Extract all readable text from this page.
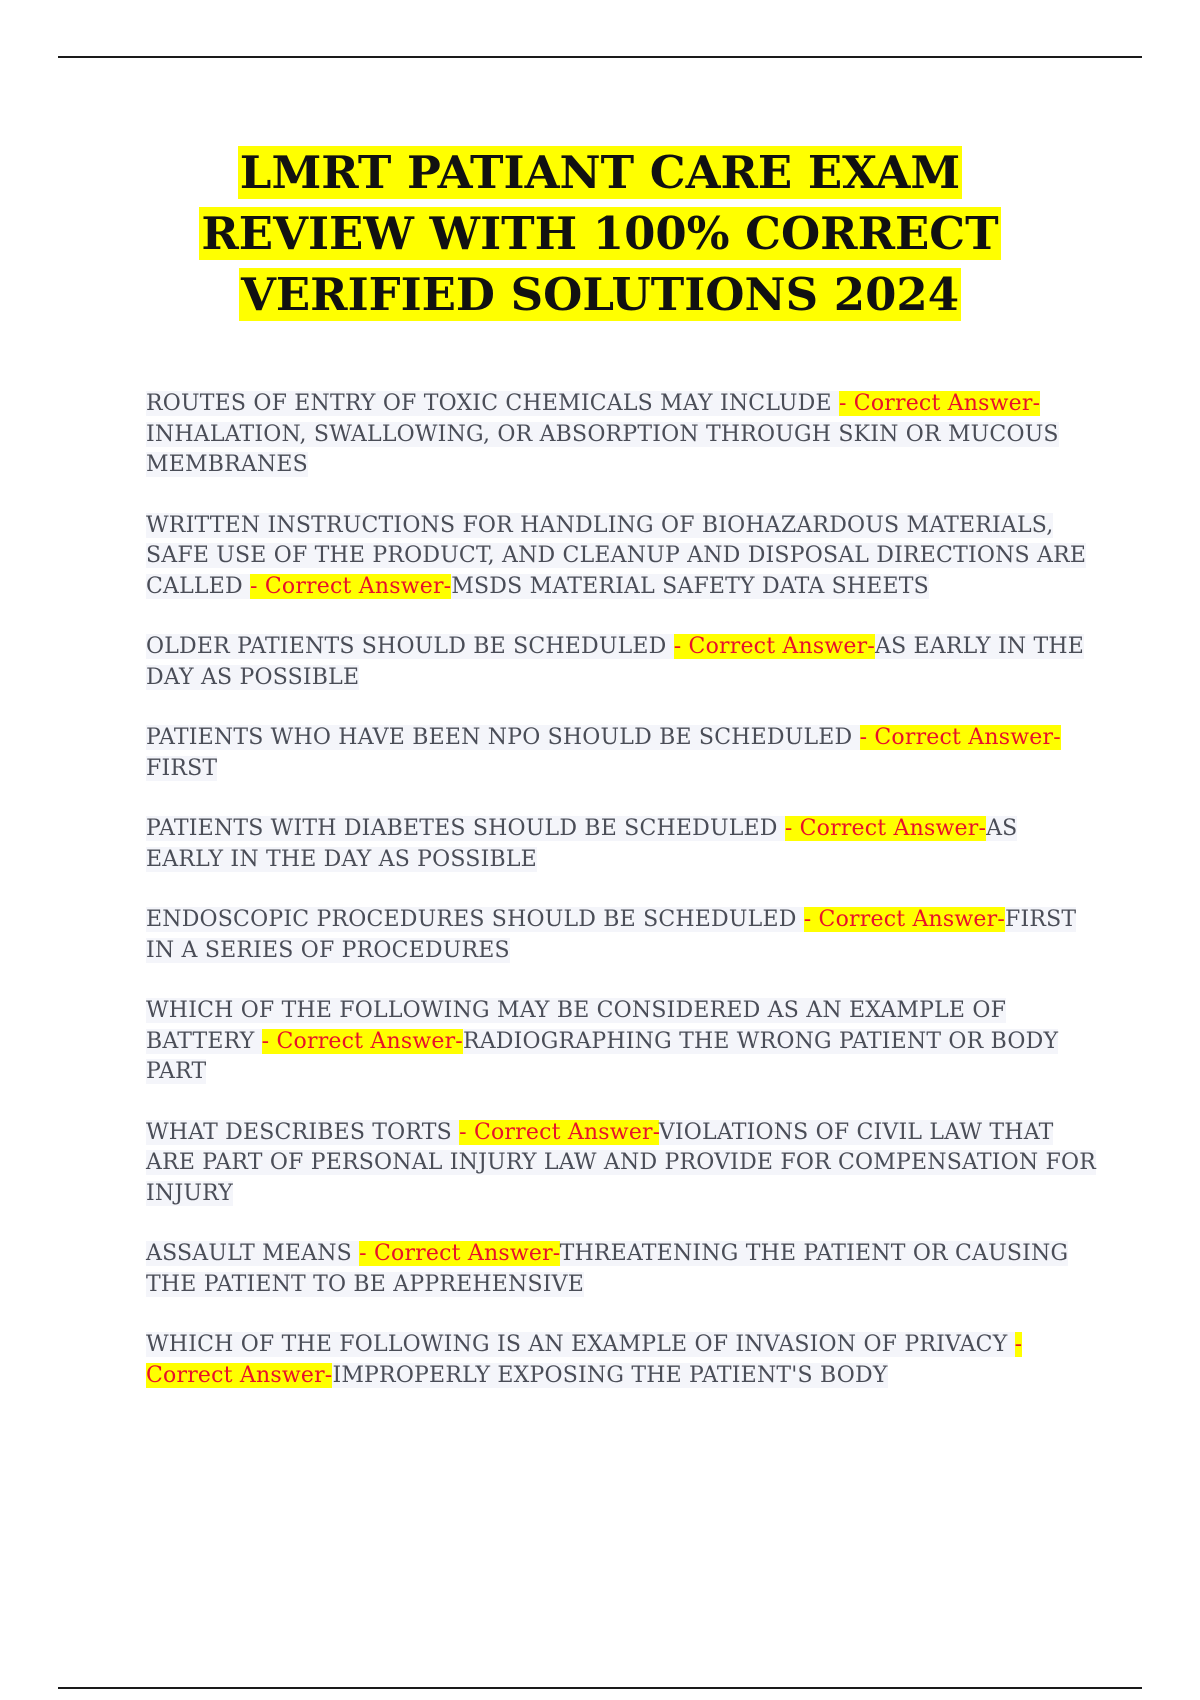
LMRT PATIANT CARE EXAM
REVIEW WITH 100% CORRECT
VERIFIED SOLUTIONS 2024

ROUTES OF ENTRY OF TOXIC CHEMICALS MAY INCLUDE - Correct Answer-INHALATION, SWALLOWING, OR ABSORPTION THROUGH SKIN OR MUCOUS MEMBRANES

WRITTEN INSTRUCTIONS FOR HANDLING OF BIOHAZARDOUS MATERIALS, SAFE USE OF THE PRODUCT, AND CLEANUP AND DISPOSAL DIRECTIONS ARE CALLED - Correct Answer-MSDS MATERIAL SAFETY DATA SHEETS

OLDER PATIENTS SHOULD BE SCHEDULED - Correct Answer-AS EARLY IN THE DAY AS POSSIBLE

PATIENTS WHO HAVE BEEN NPO SHOULD BE SCHEDULED - Correct Answer-FIRST

PATIENTS WITH DIABETES SHOULD BE SCHEDULED - Correct Answer-AS EARLY IN THE DAY AS POSSIBLE

ENDOSCOPIC PROCEDURES SHOULD BE SCHEDULED - Correct Answer-FIRST IN A SERIES OF PROCEDURES

WHICH OF THE FOLLOWING MAY BE CONSIDERED AS AN EXAMPLE OF BATTERY - Correct Answer-RADIOGRAPHING THE WRONG PATIENT OR BODY PART

WHAT DESCRIBES TORTS - Correct Answer-VIOLATIONS OF CIVIL LAW THAT ARE PART OF PERSONAL INJURY LAW AND PROVIDE FOR COMPENSATION FOR INJURY

ASSAULT MEANS - Correct Answer-THREATENING THE PATIENT OR CAUSING THE PATIENT TO BE APPREHENSIVE

WHICH OF THE FOLLOWING IS AN EXAMPLE OF INVASION OF PRIVACY - Correct Answer-IMPROPERLY EXPOSING THE PATIENT'S BODY
